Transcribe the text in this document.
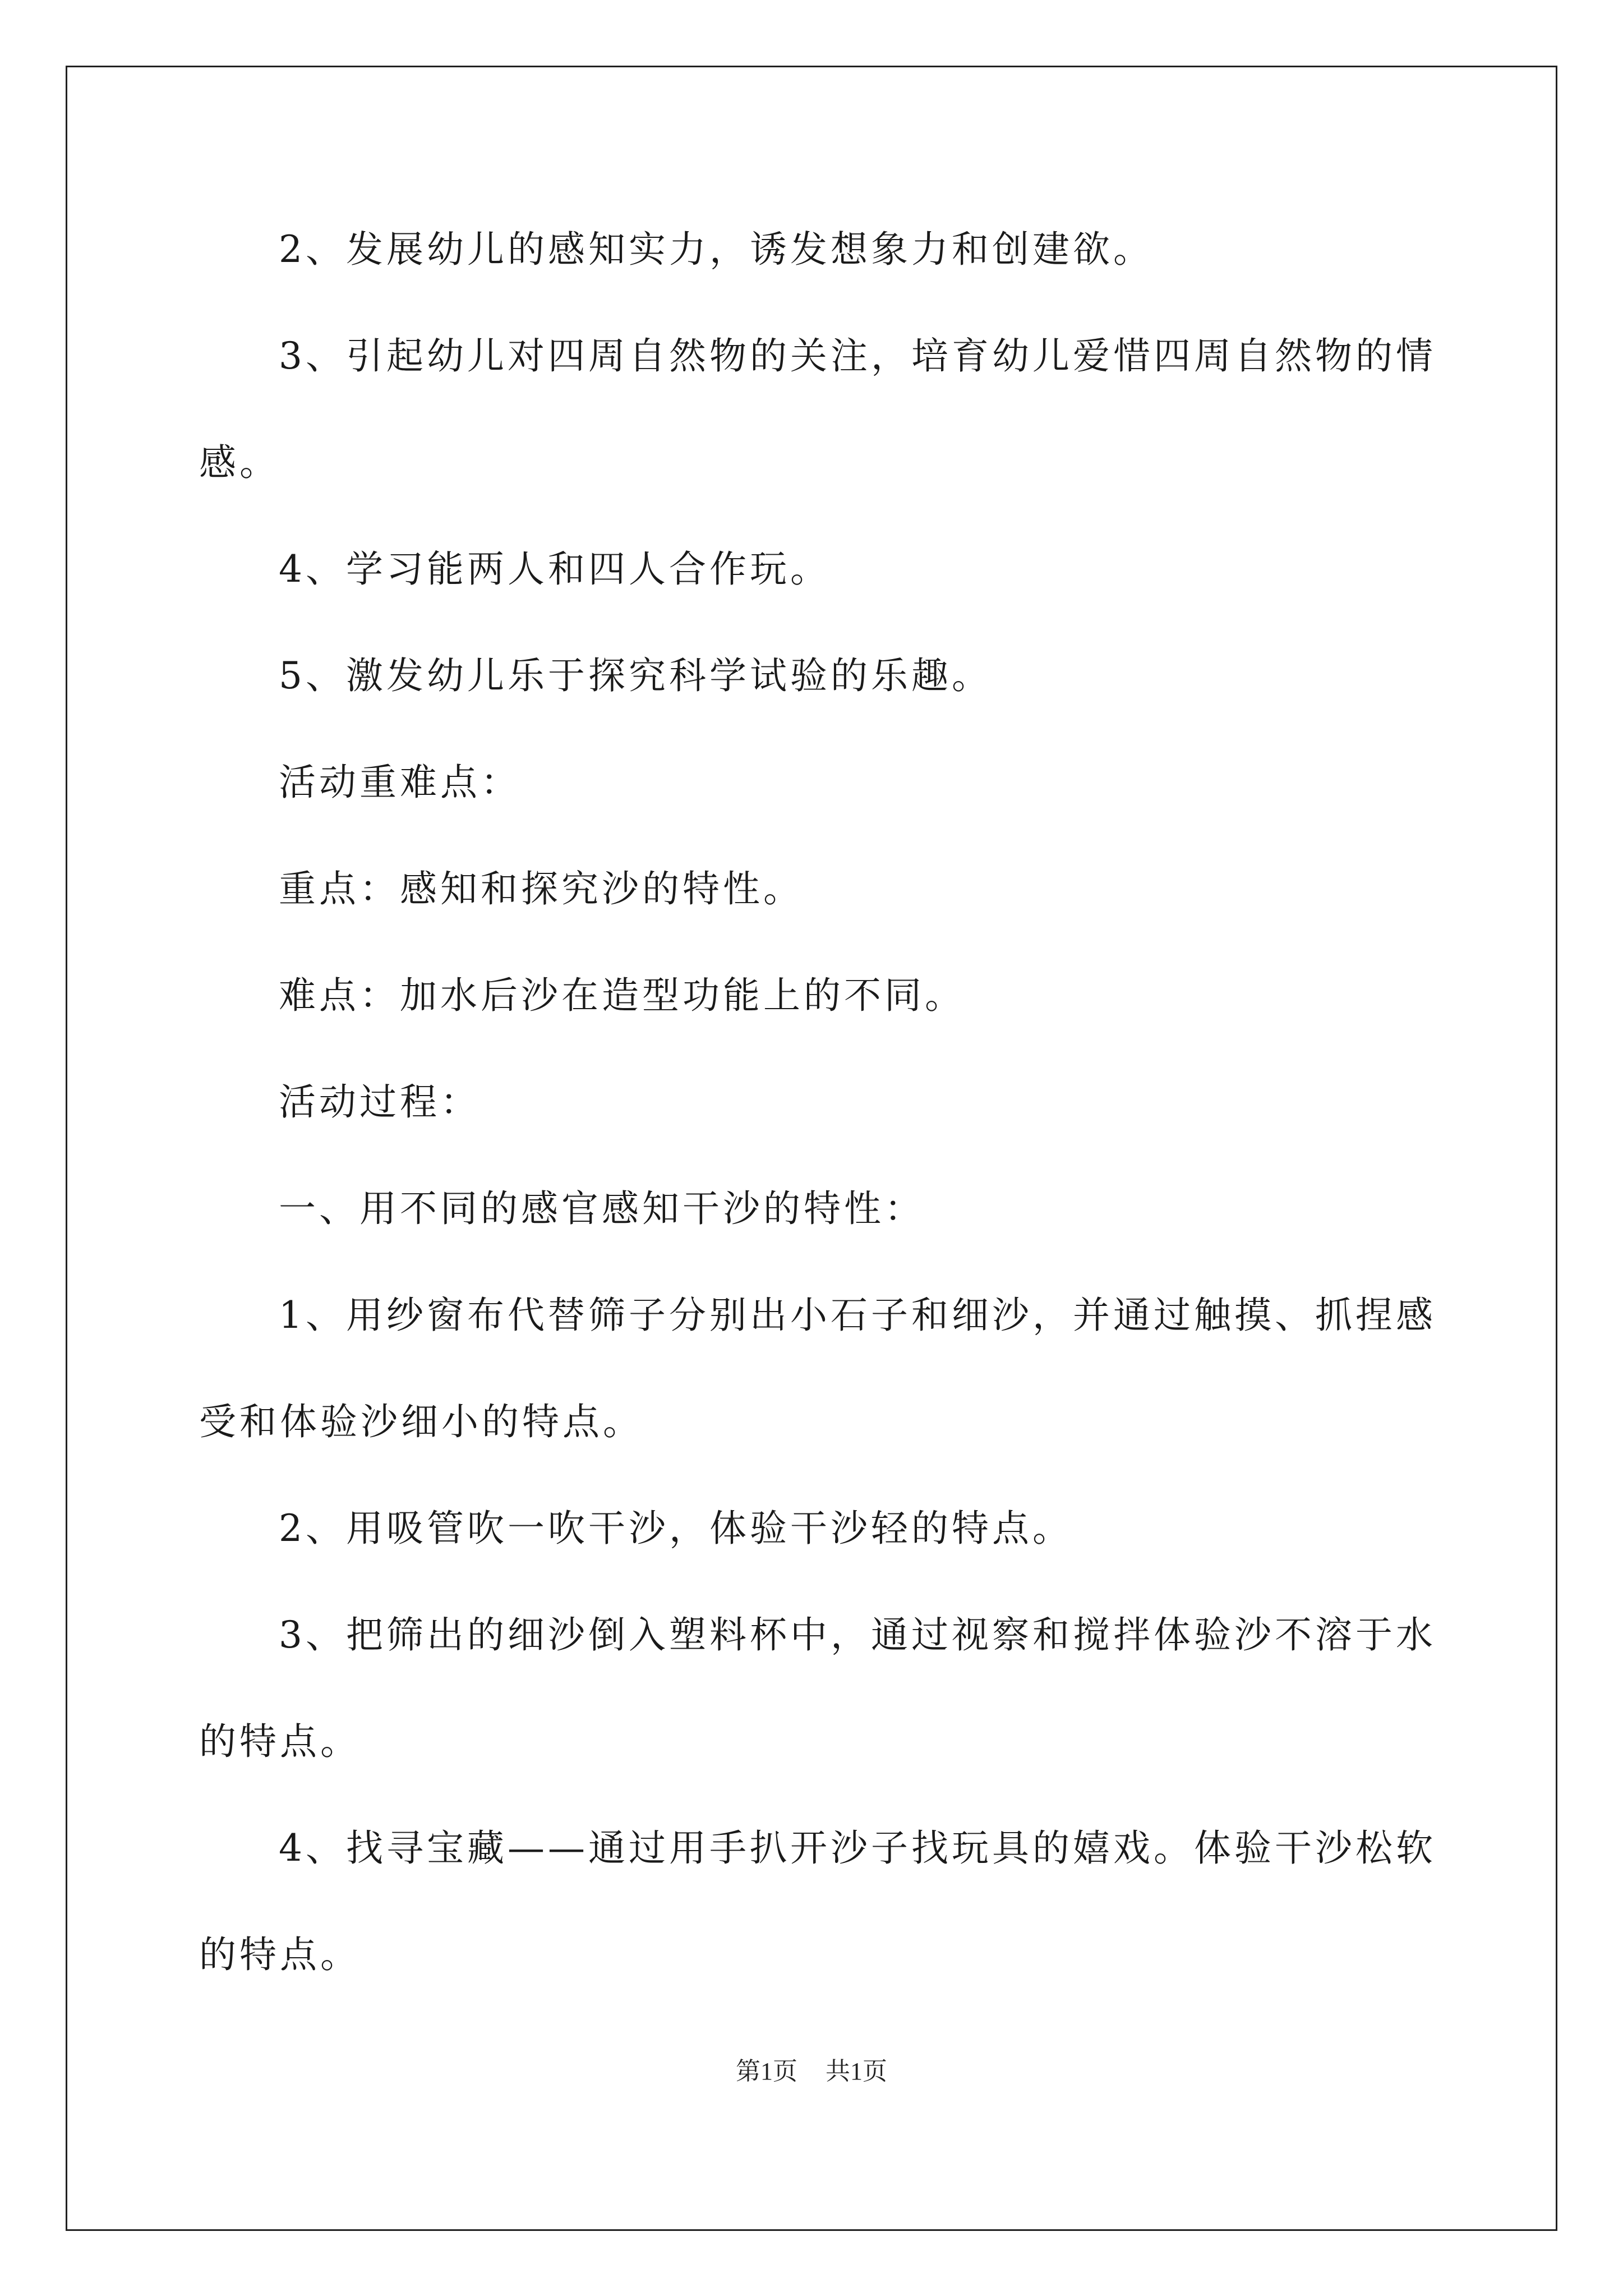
2、发展幼儿的感知实力，诱发想象力和创建欲。
3、引起幼儿对四周自然物的关注，培育幼儿爱惜四周自然物的情
感。
4、学习能两人和四人合作玩。
5、激发幼儿乐于探究科学试验的乐趣。
活动重难点：
重点：感知和探究沙的特性。
难点：加水后沙在造型功能上的不同。
活动过程：
一、用不同的感官感知干沙的特性：
1、用纱窗布代替筛子分别出小石子和细沙，并通过触摸、抓捏感
受和体验沙细小的特点。
2、用吸管吹一吹干沙，体验干沙轻的特点。
3、把筛出的细沙倒入塑料杯中，通过视察和搅拌体验沙不溶于水
的特点。
4、找寻宝藏——通过用手扒开沙子找玩具的嬉戏。体验干沙松软
的特点。
第1页 共1页
